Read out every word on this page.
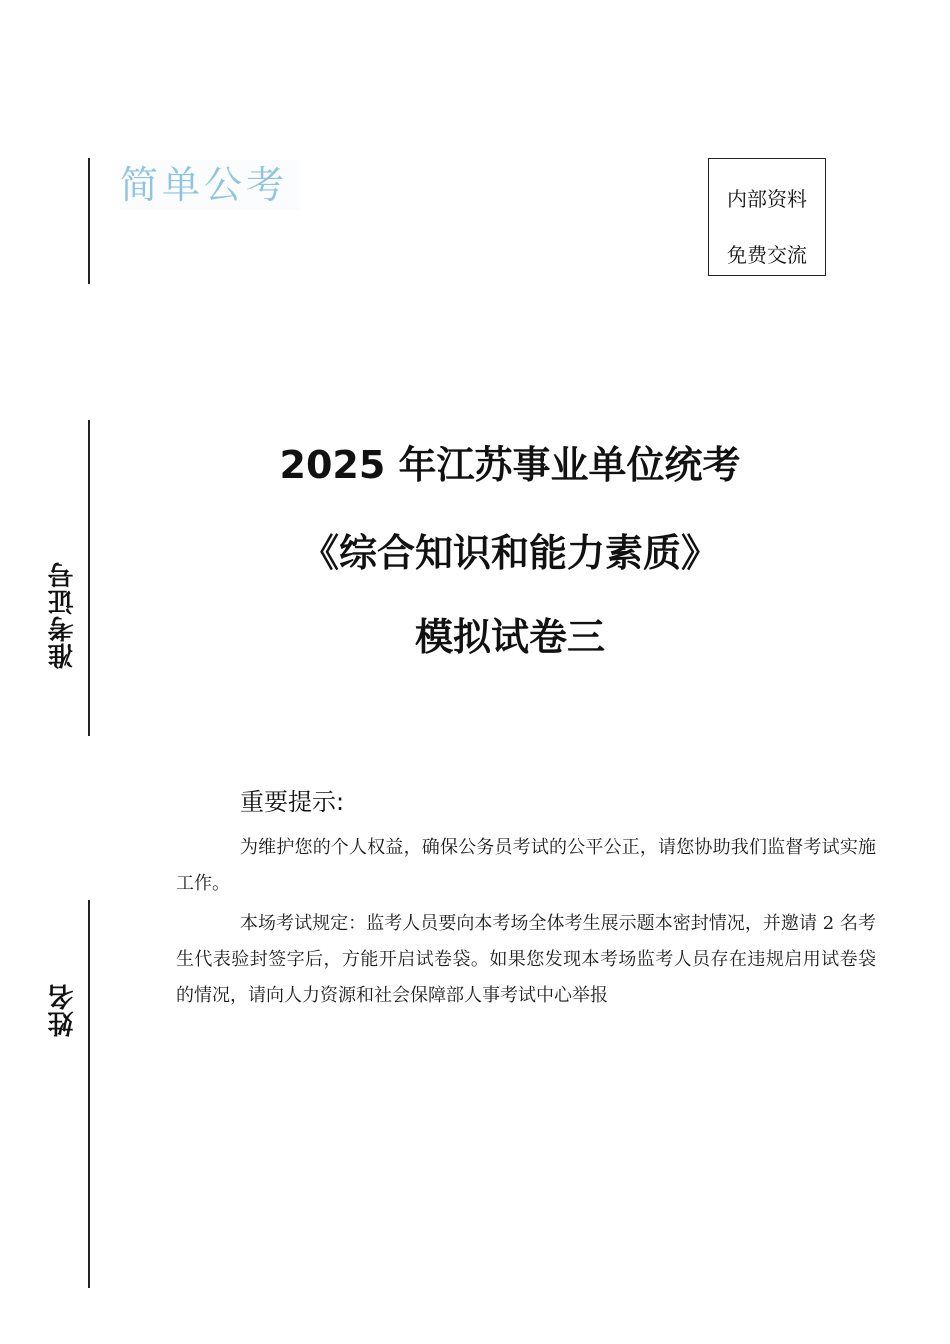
准考证号
姓名
简单公考	内部资料
免费交流
2025 年江苏事业单位统考
《综合知识和能力素质》
模拟试卷三
重要提示:
为维护您的个人权益，确保公务员考试的公平公正，请您协助我们监督考试实施工作。
本场考试规定：监考人员要向本考场全体考生展示题本密封情况，并邀请 2 名考生代表验封签字后，方能开启试卷袋。如果您发现本考场监考人员存在违规启用试卷袋的情况，请向人力资源和社会保障部人事考试中心举报
